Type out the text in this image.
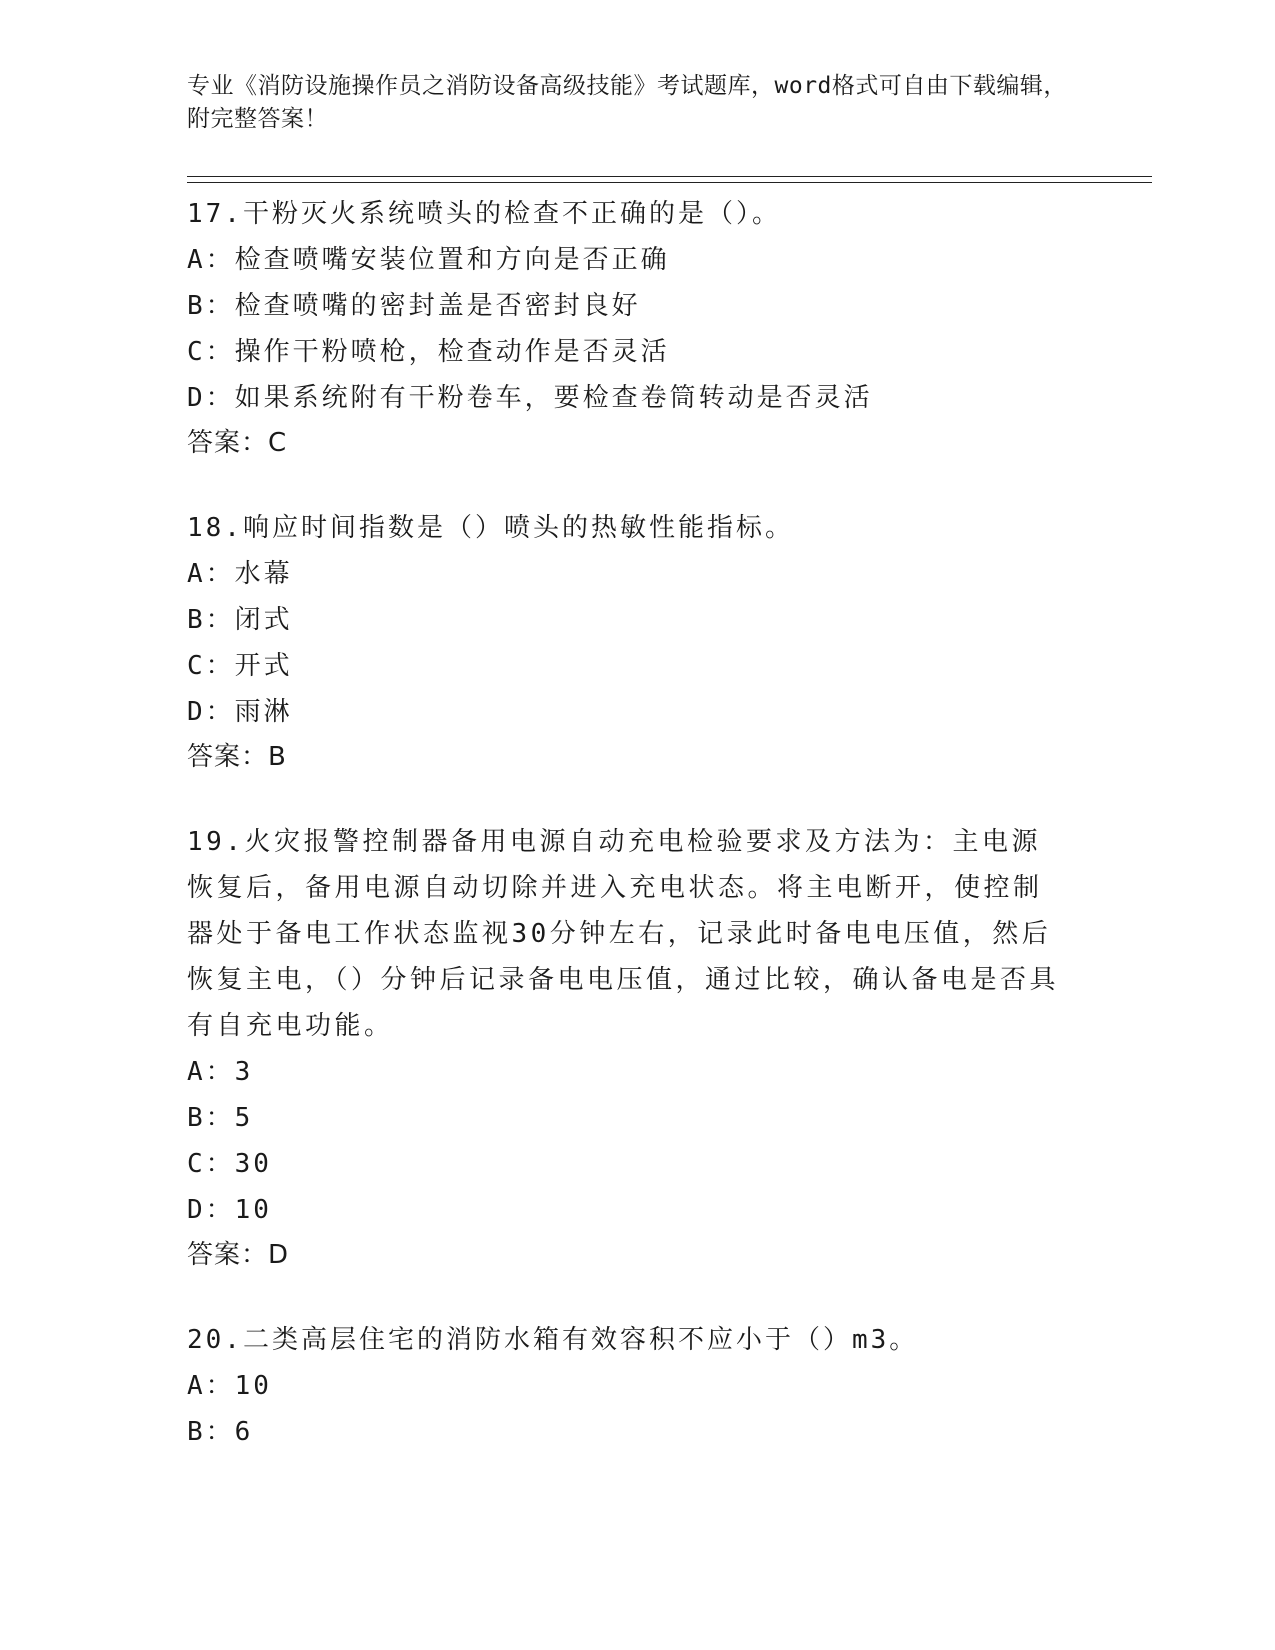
专业《消防设施操作员之消防设备高级技能》考试题库，word格式可自由下载编辑，附完整答案！
17.干粉灭火系统喷头的检查不正确的是（）。
A：检查喷嘴安装位置和方向是否正确
B：检查喷嘴的密封盖是否密封良好
C：操作干粉喷枪，检查动作是否灵活
D：如果系统附有干粉卷车，要检查卷筒转动是否灵活
答案：C
18.响应时间指数是（）喷头的热敏性能指标。
A：水幕
B：闭式
C：开式
D：雨淋
答案：B
19.火灾报警控制器备用电源自动充电检验要求及方法为：主电源恢复后，备用电源自动切除并进入充电状态。将主电断开，使控制器处于备电工作状态监视30分钟左右，记录此时备电电压值，然后恢复主电，（）分钟后记录备电电压值，通过比较，确认备电是否具有自充电功能。
A：3
B：5
C：30
D：10
答案：D
20.二类高层住宅的消防水箱有效容积不应小于（）m3。
A：10
B：6
